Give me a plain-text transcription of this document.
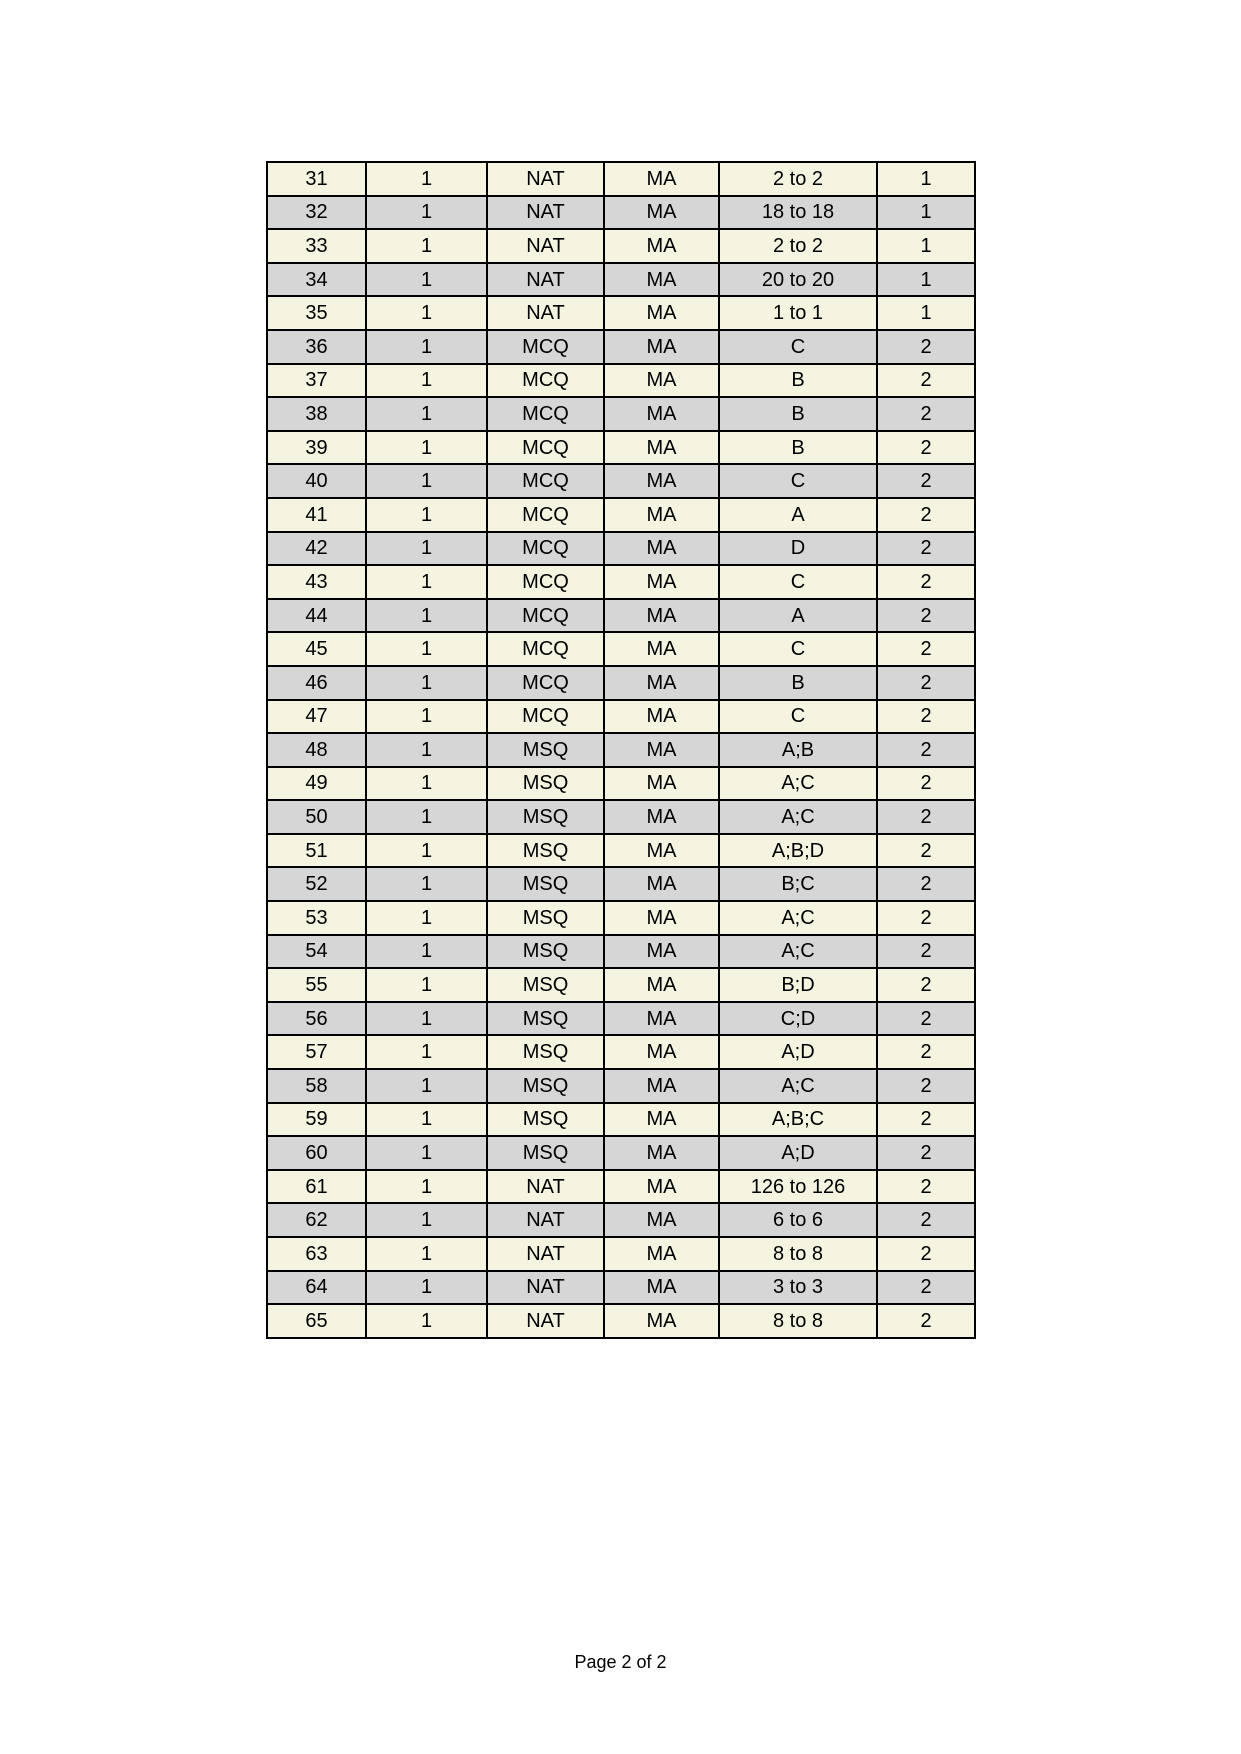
31	1	NAT	MA	2 to 2	1
32	1	NAT	MA	18 to 18	1
33	1	NAT	MA	2 to 2	1
34	1	NAT	MA	20 to 20	1
35	1	NAT	MA	1 to 1	1
36	1	MCQ	MA	C	2
37	1	MCQ	MA	B	2
38	1	MCQ	MA	B	2
39	1	MCQ	MA	B	2
40	1	MCQ	MA	C	2
41	1	MCQ	MA	A	2
42	1	MCQ	MA	D	2
43	1	MCQ	MA	C	2
44	1	MCQ	MA	A	2
45	1	MCQ	MA	C	2
46	1	MCQ	MA	B	2
47	1	MCQ	MA	C	2
48	1	MSQ	MA	A;B	2
49	1	MSQ	MA	A;C	2
50	1	MSQ	MA	A;C	2
51	1	MSQ	MA	A;B;D	2
52	1	MSQ	MA	B;C	2
53	1	MSQ	MA	A;C	2
54	1	MSQ	MA	A;C	2
55	1	MSQ	MA	B;D	2
56	1	MSQ	MA	C;D	2
57	1	MSQ	MA	A;D	2
58	1	MSQ	MA	A;C	2
59	1	MSQ	MA	A;B;C	2
60	1	MSQ	MA	A;D	2
61	1	NAT	MA	126 to 126	2
62	1	NAT	MA	6 to 6	2
63	1	NAT	MA	8 to 8	2
64	1	NAT	MA	3 to 3	2
65	1	NAT	MA	8 to 8	2
Page 2 of 2
